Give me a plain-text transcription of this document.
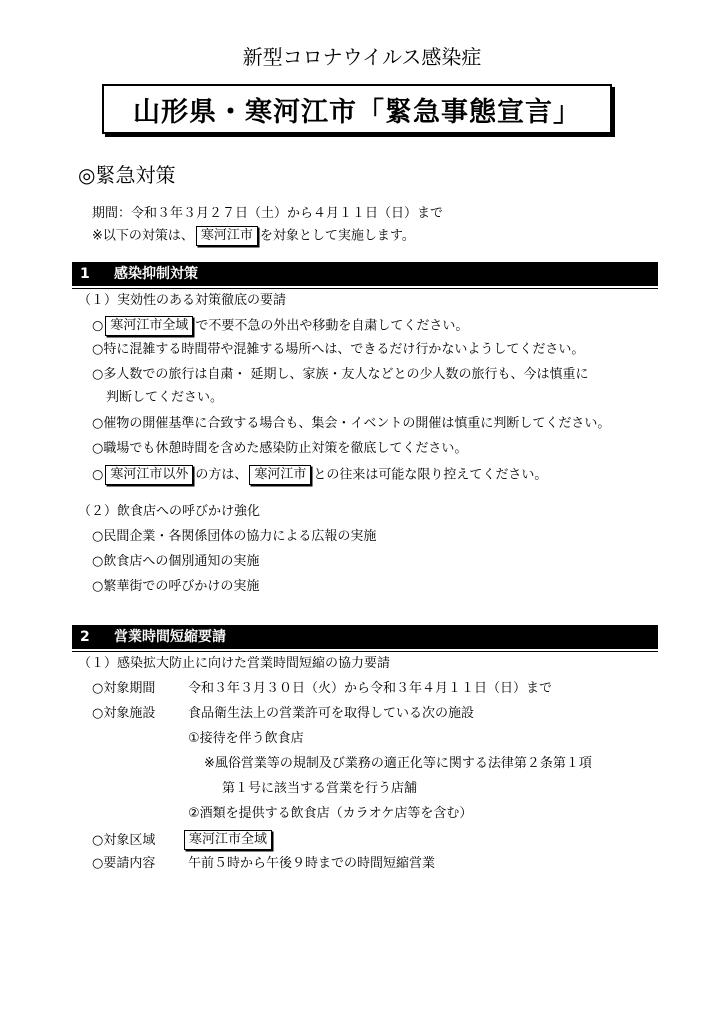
新型コロナウイルス感染症
山形県・寒河江市「緊急事態宣言」
◎緊急対策
期間：令和３年３月２７日（土）から４月１１日（日）まで
※以下の対策は、 寒河江市 を対象として実施します。
1 感染抑制対策
（１）実効性のある対策徹底の要請
○ 寒河江市全域 で不要不急の外出や移動を自粛してください。
○特に混雑する時間帯や混雑する場所へは、できるだけ行かないようしてください。
○多人数での旅行は自粛・ 延期し、家族・友人などとの少人数の旅行も、今は慎重に
判断してください。
○催物の開催基準に合致する場合も、集会・イベントの開催は慎重に判断してください。
○職場でも休憩時間を含めた感染防止対策を徹底してください。
○ 寒河江市以外 の方は、 寒河江市 との往来は可能な限り控えてください。
（２）飲食店への呼びかけ強化
○民間企業・各関係団体の協力による広報の実施
○飲食店への個別通知の実施
○繁華街での呼びかけの実施
2 営業時間短縮要請
（１）感染拡大防止に向けた営業時間短縮の協力要請
○対象期間	令和３年３月３０日（火）から令和３年４月１１日（日）まで
○対象施設	食品衛生法上の営業許可を取得している次の施設
①接待を伴う飲食店
※風俗営業等の規制及び業務の適正化等に関する法律第２条第１項
第１号に該当する営業を行う店舗
②酒類を提供する飲食店（カラオケ店等を含む）
○対象区域	寒河江市全域
○要請内容	午前５時から午後９時までの時間短縮営業
